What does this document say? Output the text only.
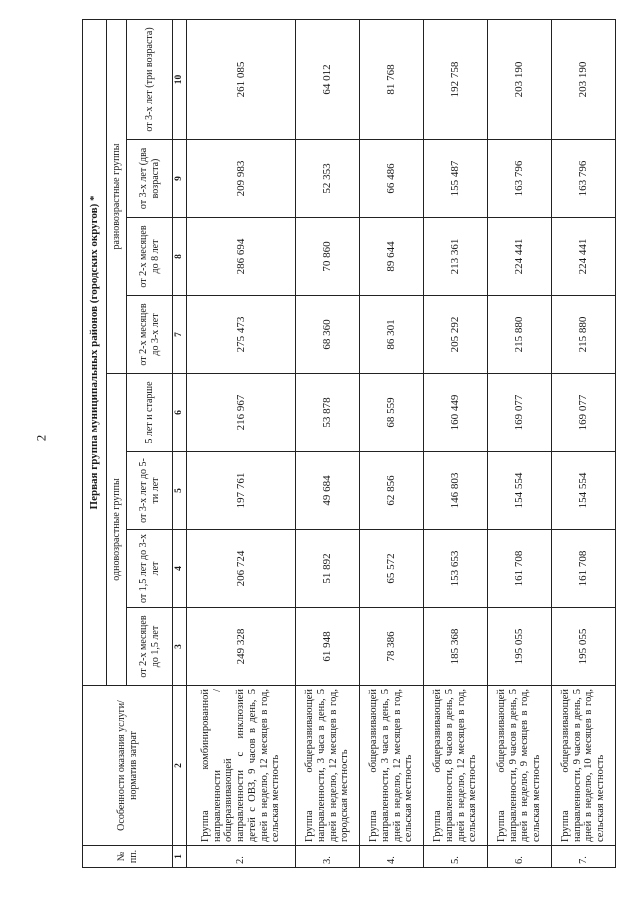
2
№ пп.	Особенности оказания услуги/норматив затрат	Первая группа муниципальных районов (городских округов) *							
		одновозрастные группы				разновозрастные группы			
		от 2-х месяцев до 1,5 лет	от 1,5 лет до 3-х лет	от 3-х лет до 5-ти лет	5 лет и старше	от 2-х месяцев до 3-х лет	от 2-х месяцев до 8 лет	от 3-х лет (два возраста)	от 3-х лет (три возраста)
1	2	3	4	5	6	7	8	9	10
2.	Группа комбинированной направленности / общеразвивающей направленности с инклюзией детей с ОВЗ, 9 часов в день, 5 дней в неделю, 12 месяцев в год, сельская местность	249 328	206 724	197 761	216 967	275 473	286 694	209 983	261 085
3.	Группа общеразвивающей направленности, 3 часа в день, 5 дней в неделю, 12 месяцев в год, городская местность	61 948	51 892	49 684	53 878	68 360	70 860	52 353	64 012
4.	Группа общеразвивающей направленности, 3 часа в день, 5 дней в неделю, 12 месяцев в год, сельская местность	78 386	65 572	62 856	68 559	86 301	89 644	66 486	81 768
5.	Группа общеразвивающей направленности, 8 часов в день, 5 дней в неделю, 12 месяцев в год, сельская местность	185 368	153 653	146 803	160 449	205 292	213 361	155 487	192 758
6.	Группа общеразвивающей направленности, 9 часов в день, 5 дней в неделю, 9 месяцев в год, сельская местность	195 055	161 708	154 554	169 077	215 880	224 441	163 796	203 190
7.	Группа общеразвивающей направленности, 9 часов в день, 5 дней в неделю, 10 месяцев в год, сельская местность	195 055	161 708	154 554	169 077	215 880	224 441	163 796	203 190
